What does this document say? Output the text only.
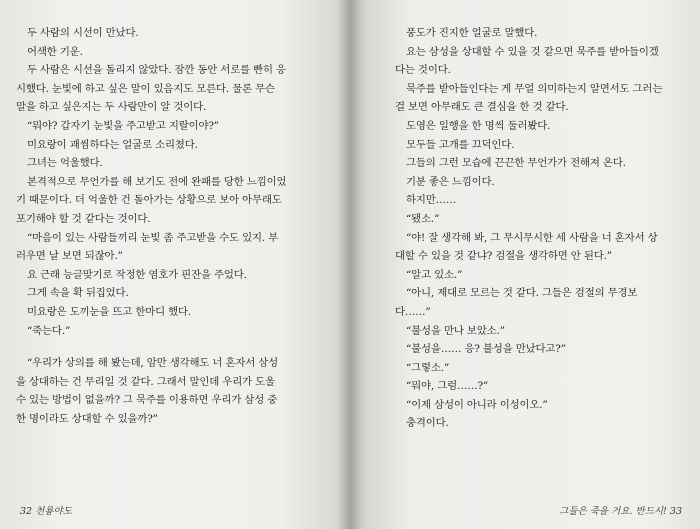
두 사람의 시선이 만났다.
어색한 기운.
두 사람은 시선을 돌리지 않았다. 잠깐 동안 서로를 빤히 응
시했다. 눈빛에 하고 싶은 말이 있음지도 모른다. 물론 무슨
말을 하고 싶은지는 두 사람만이 알 것이다.
“뭐야? 갑자기 눈빛을 주고받고 지랄이야?”
미요랑이 괘씸하다는 얼굴로 소리쳤다.
그녀는 억울했다.
본격적으로 무언가를 해 보기도 전에 완패를 당한 느낌이었
기 때문이다. 더 억울한 건 돌아가는 상황으로 보아 아무래도
포기해야 할 것 같다는 것이다.
“마음이 있는 사람들끼리 눈빛 좀 주고받을 수도 있지. 부
러우면 날 보면 되잖아.”
요 근래 능글맞기로 작정한 염호가 핀잔을 주었다.
그게 속을 확 뒤집었다.
미요랑은 도끼눈을 뜨고 한마디 했다.
“죽는다.”
“우리가 상의를 해 봤는데, 암만 생각해도 너 혼자서 삼성
을 상대하는 건 무리일 것 같다. 그래서 말인데 우리가 도울
수 있는 방법이 없을까? 그 묵주를 이용하면 우리가 삼성 중
한 명이라도 상대할 수 있을까?”
32 천룡야도
풍도가 진지한 얼굴로 말했다.
요는 삼성을 상대할 수 있을 것 같으면 묵주를 받아들이겠
다는 것이다.
묵주를 받아들인다는 게 무얼 의미하는지 알면서도 그러는
걸 보면 아무래도 큰 결심을 한 것 같다.
도영은 일행을 한 명씩 둘러봤다.
모두들 고개를 끄덕인다.
그들의 그런 모습에 끈끈한 무언가가 전해져 온다.
기분 좋은 느낌이다.
하지만……
“됐소.”
“야! 잘 생각해 봐, 그 무시무시한 세 사람을 너 혼자서 상
대할 수 있을 것 같냐? 검절을 생각하면 안 된다.”
“알고 있소.”
“아니, 제대로 모르는 것 같다. 그들은 검절의 무경보
다……”
“불성을 만나 보았소.”
“불성을…… 응? 불성을 만났다고?”
“그렇소.”
“뭐야, 그럼……?”
“이제 삼성이 아니라 이성이오.”
충격이다.
그들은 죽을 거요. 반드시! 33
